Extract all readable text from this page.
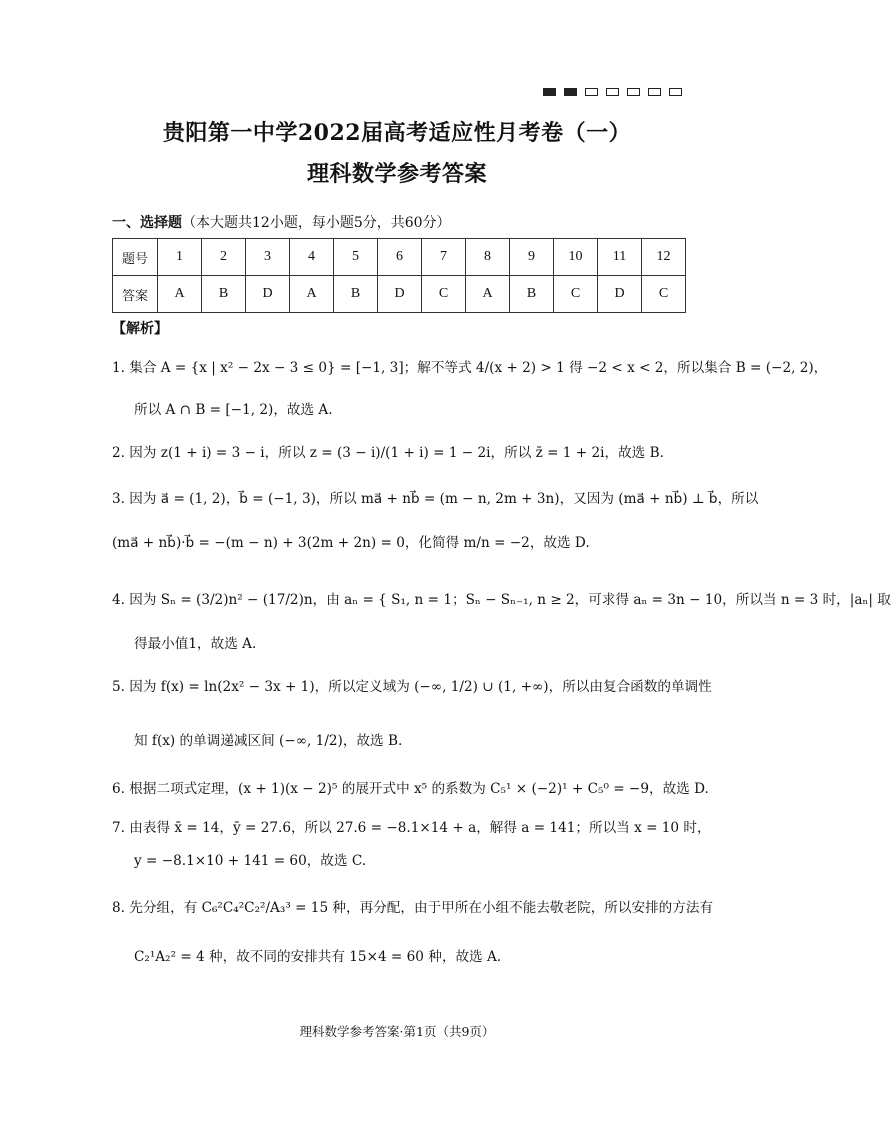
贵阳第一中学2022届高考适应性月考卷（一）
理科数学参考答案
一、选择题（本大题共12小题，每小题5分，共60分）
题号	1	2	3	4	5	6	7	8	9	10	11	12
答案	A	B	D	A	B	D	C	A	B	C	D	C
【解析】
1. 集合 A = {x | x² − 2x − 3 ≤ 0} = [−1, 3]；解不等式 4/(x + 2) > 1 得 −2 < x < 2，所以集合 B = (−2, 2)，
所以 A ∩ B = [−1, 2)，故选 A.
2. 因为 z(1 + i) = 3 − i，所以 z = (3 − i)/(1 + i) = 1 − 2i，所以 z̄ = 1 + 2i，故选 B.
3. 因为 a⃗ = (1, 2)，b⃗ = (−1, 3)，所以 ma⃗ + nb⃗ = (m − n, 2m + 3n)，又因为 (ma⃗ + nb⃗) ⊥ b⃗，所以
(ma⃗ + nb⃗)·b⃗ = −(m − n) + 3(2m + 2n) = 0，化简得 m/n = −2，故选 D.
4. 因为 Sₙ = (3/2)n² − (17/2)n，由 aₙ = { S₁, n = 1；Sₙ − Sₙ₋₁, n ≥ 2，可求得 aₙ = 3n − 10，所以当 n = 3 时，|aₙ| 取
得最小值1，故选 A.
5. 因为 f(x) = ln(2x² − 3x + 1)，所以定义域为 (−∞, 1/2) ∪ (1, +∞)，所以由复合函数的单调性
知 f(x) 的单调递减区间 (−∞, 1/2)，故选 B.
6. 根据二项式定理，(x + 1)(x − 2)⁵ 的展开式中 x⁵ 的系数为 C₅¹ × (−2)¹ + C₅⁰ = −9，故选 D.
7. 由表得 x̄ = 14，ȳ = 27.6，所以 27.6 = −8.1×14 + a，解得 a = 141；所以当 x = 10 时，
y = −8.1×10 + 141 = 60，故选 C.
8. 先分组，有 C₆²C₄²C₂²/A₃³ = 15 种，再分配，由于甲所在小组不能去敬老院，所以安排的方法有
C₂¹A₂² = 4 种，故不同的安排共有 15×4 = 60 种，故选 A.
理科数学参考答案·第1页（共9页）
